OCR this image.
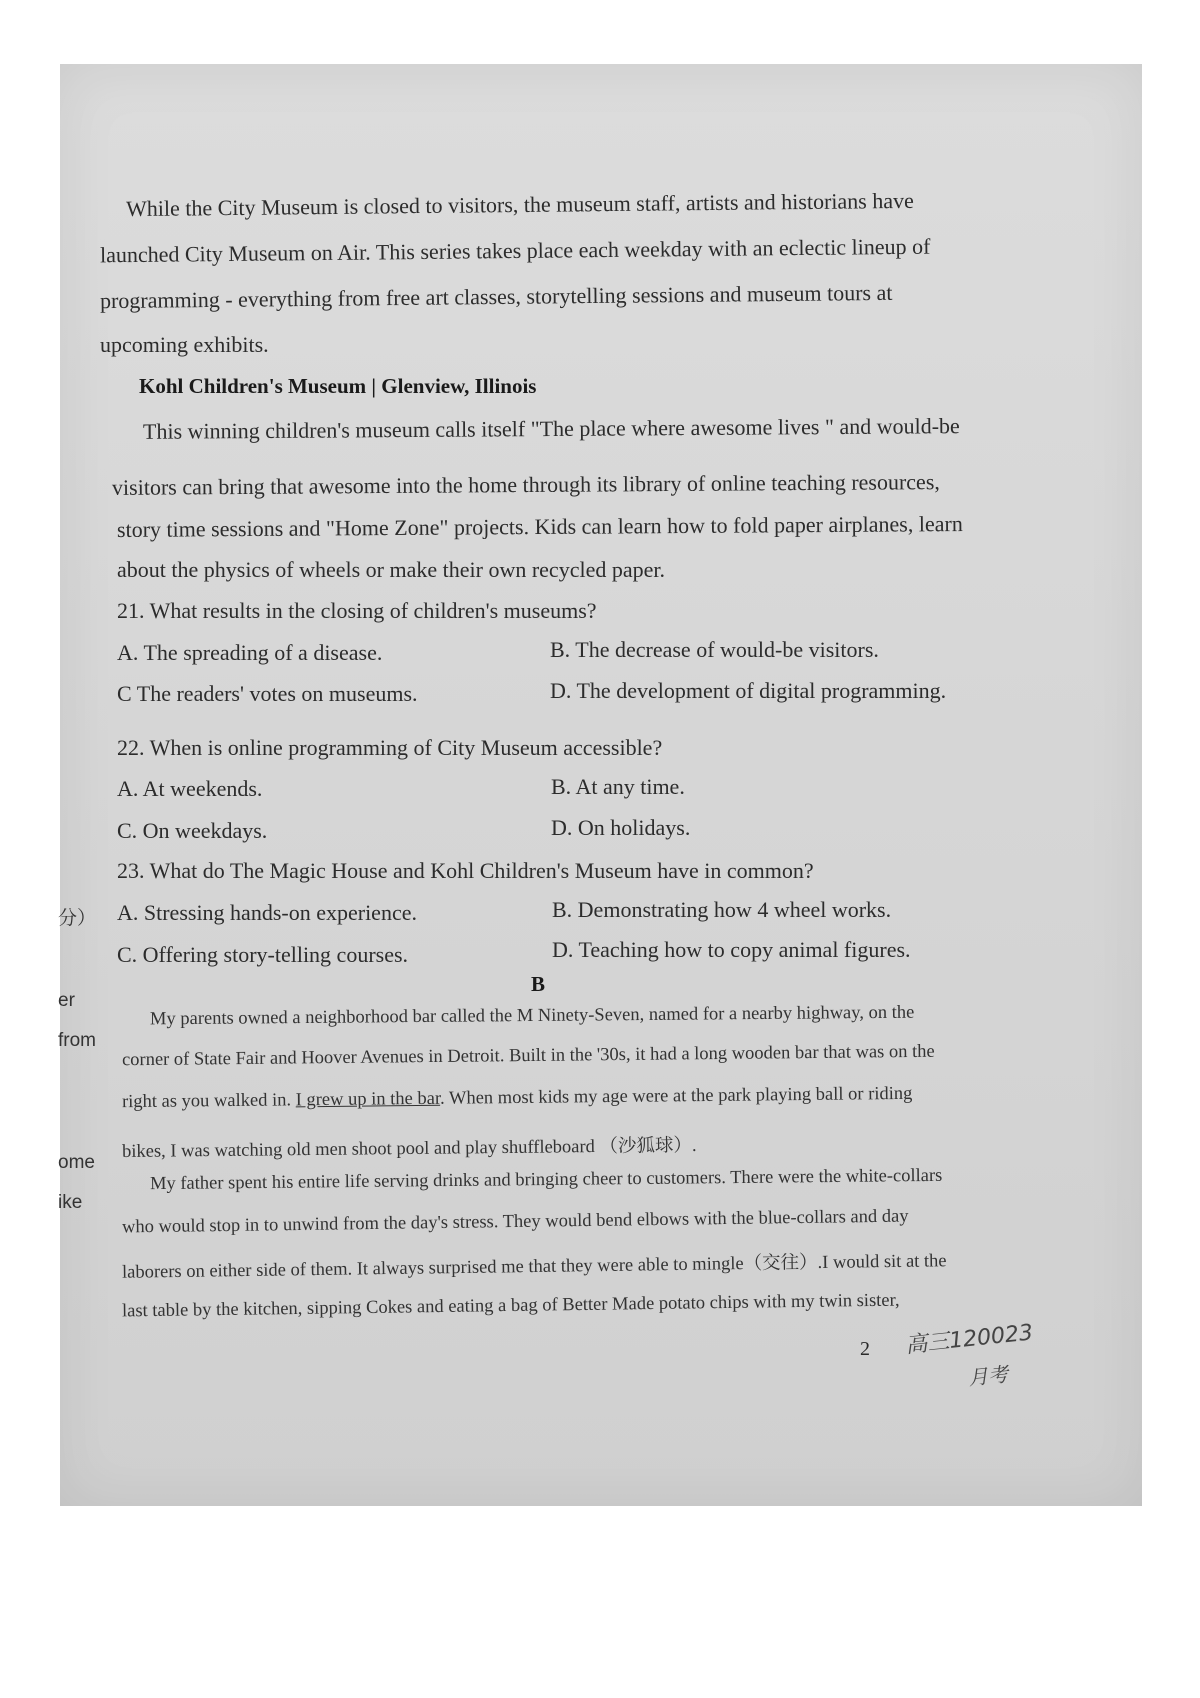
While the City Museum is closed to visitors, the museum staff, artists and historians have
launched City Museum on Air. This series takes place each weekday with an eclectic lineup of
programming - everything from free art classes, storytelling sessions and museum tours at
upcoming exhibits.
Kohl Children's Museum | Glenview, Illinois
This winning children's museum calls itself "The place where awesome lives " and would-be
visitors can bring that awesome into the home through its library of online teaching resources,
story time sessions and "Home Zone" projects. Kids can learn how to fold paper airplanes, learn
about the physics of wheels or make their own recycled paper.
21. What results in the closing of children's museums?
A. The spreading of a disease.	B. The decrease of would-be visitors.
C The readers' votes on museums.	D. The development of digital programming.
22. When is online programming of City Museum accessible?
A. At weekends.	B. At any time.
C. On weekdays.	D. On holidays.
23. What do The Magic House and Kohl Children's Museum have in common?
A. Stressing hands-on experience.	B. Demonstrating how 4 wheel works.
C. Offering story-telling courses.	D. Teaching how to copy animal figures.
B
My parents owned a neighborhood bar called the M Ninety-Seven, named for a nearby highway, on the
corner of State Fair and Hoover Avenues in Detroit. Built in the '30s, it had a long wooden bar that was on the
right as you walked in. I grew up in the bar. When most kids my age were at the park playing ball or riding
bikes, I was watching old men shoot pool and play shuffleboard （沙狐球）.
My father spent his entire life serving drinks and bringing cheer to customers. There were the white-collars
who would stop in to unwind from the day's stress. They would bend elbows with the blue-collars and day
laborers on either side of them. It always surprised me that they were able to mingle（交往）.I would sit at the
last table by the kitchen, sipping Cokes and eating a bag of Better Made potato chips with my twin sister,
分）
er
from
ome
ike
2 高三120023
月考
